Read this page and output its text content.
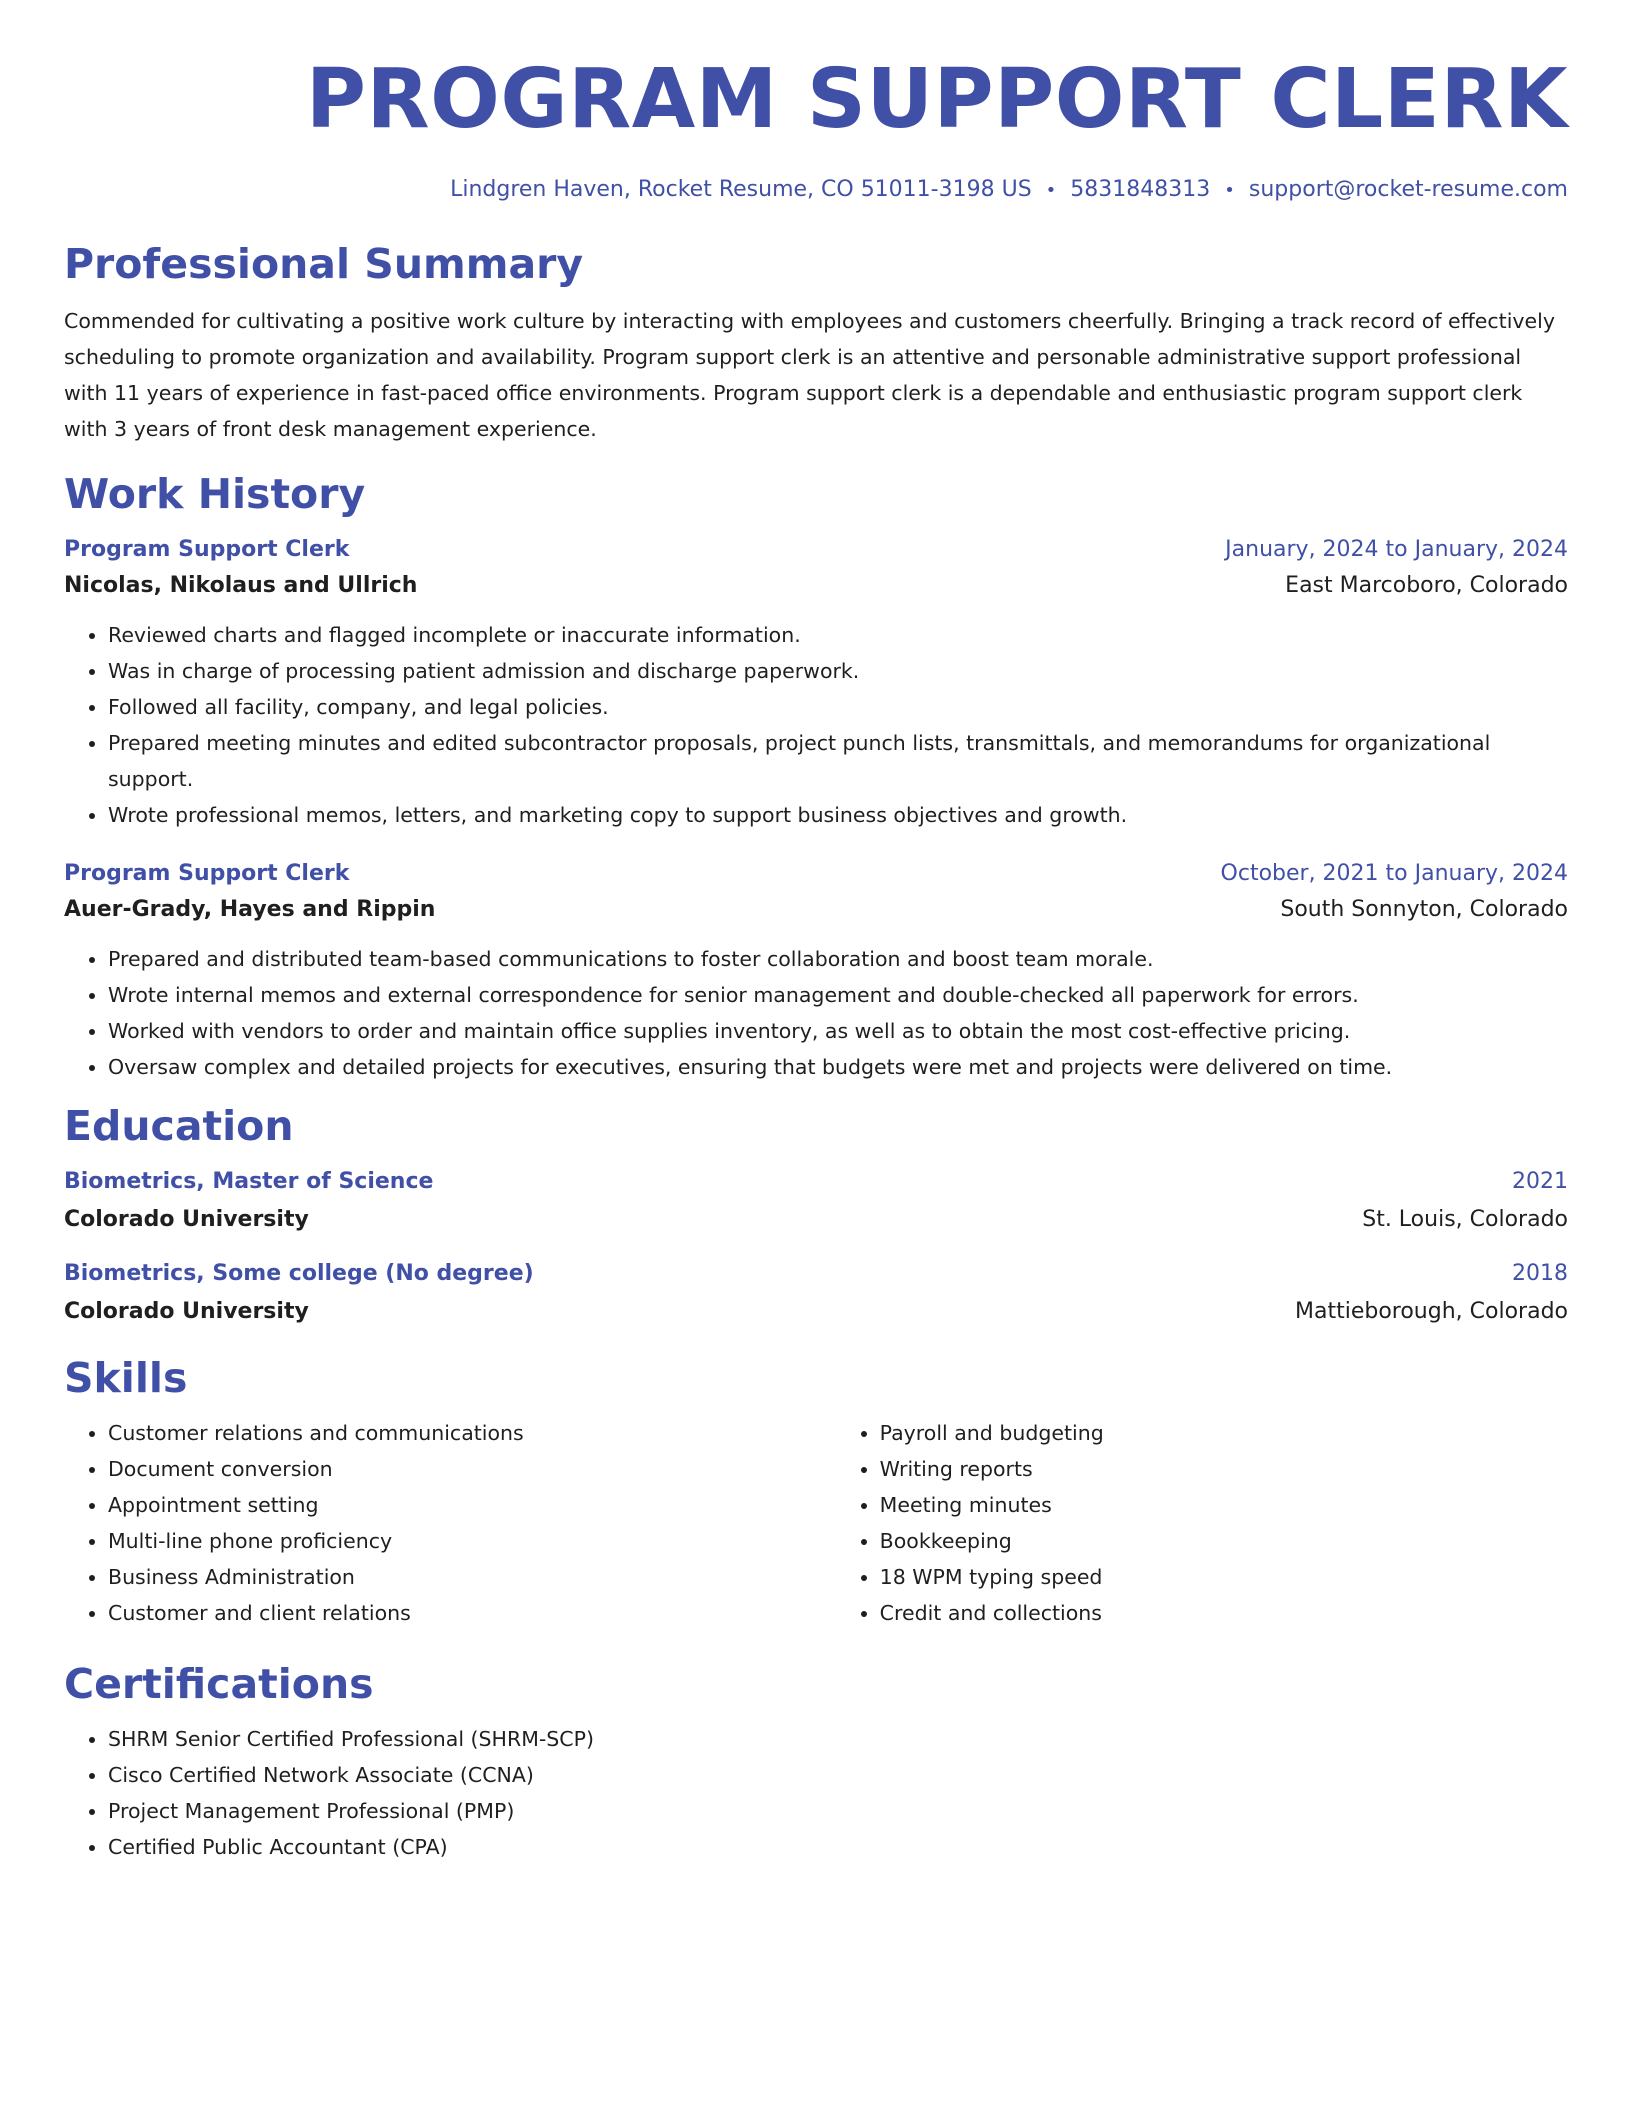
PROGRAM SUPPORT CLERK
Lindgren Haven, Rocket Resume, CO 51011-3198 US • 5831848313 • support@rocket-resume.com
Professional Summary
Commended for cultivating a positive work culture by interacting with employees and customers cheerfully. Bringing a track record of effectively scheduling to promote organization and availability. Program support clerk is an attentive and personable administrative support professional with 11 years of experience in fast-paced office environments. Program support clerk is a dependable and enthusiastic program support clerk with 3 years of front desk management experience.
Work History
Program Support Clerk	January, 2024 to January, 2024
Nicolas, Nikolaus and Ullrich	East Marcoboro, Colorado
• Reviewed charts and flagged incomplete or inaccurate information.
• Was in charge of processing patient admission and discharge paperwork.
• Followed all facility, company, and legal policies.
• Prepared meeting minutes and edited subcontractor proposals, project punch lists, transmittals, and memorandums for organizational support.
• Wrote professional memos, letters, and marketing copy to support business objectives and growth.
Program Support Clerk	October, 2021 to January, 2024
Auer-Grady, Hayes and Rippin	South Sonnyton, Colorado
• Prepared and distributed team-based communications to foster collaboration and boost team morale.
• Wrote internal memos and external correspondence for senior management and double-checked all paperwork for errors.
• Worked with vendors to order and maintain office supplies inventory, as well as to obtain the most cost-effective pricing.
• Oversaw complex and detailed projects for executives, ensuring that budgets were met and projects were delivered on time.
Education
Biometrics, Master of Science	2021
Colorado University	St. Louis, Colorado
Biometrics, Some college (No degree)	2018
Colorado University	Mattieborough, Colorado
Skills
• Customer relations and communications
• Document conversion
• Appointment setting
• Multi-line phone proficiency
• Business Administration
• Customer and client relations
• Payroll and budgeting
• Writing reports
• Meeting minutes
• Bookkeeping
• 18 WPM typing speed
• Credit and collections
Certifications
• SHRM Senior Certified Professional (SHRM-SCP)
• Cisco Certified Network Associate (CCNA)
• Project Management Professional (PMP)
• Certified Public Accountant (CPA)
